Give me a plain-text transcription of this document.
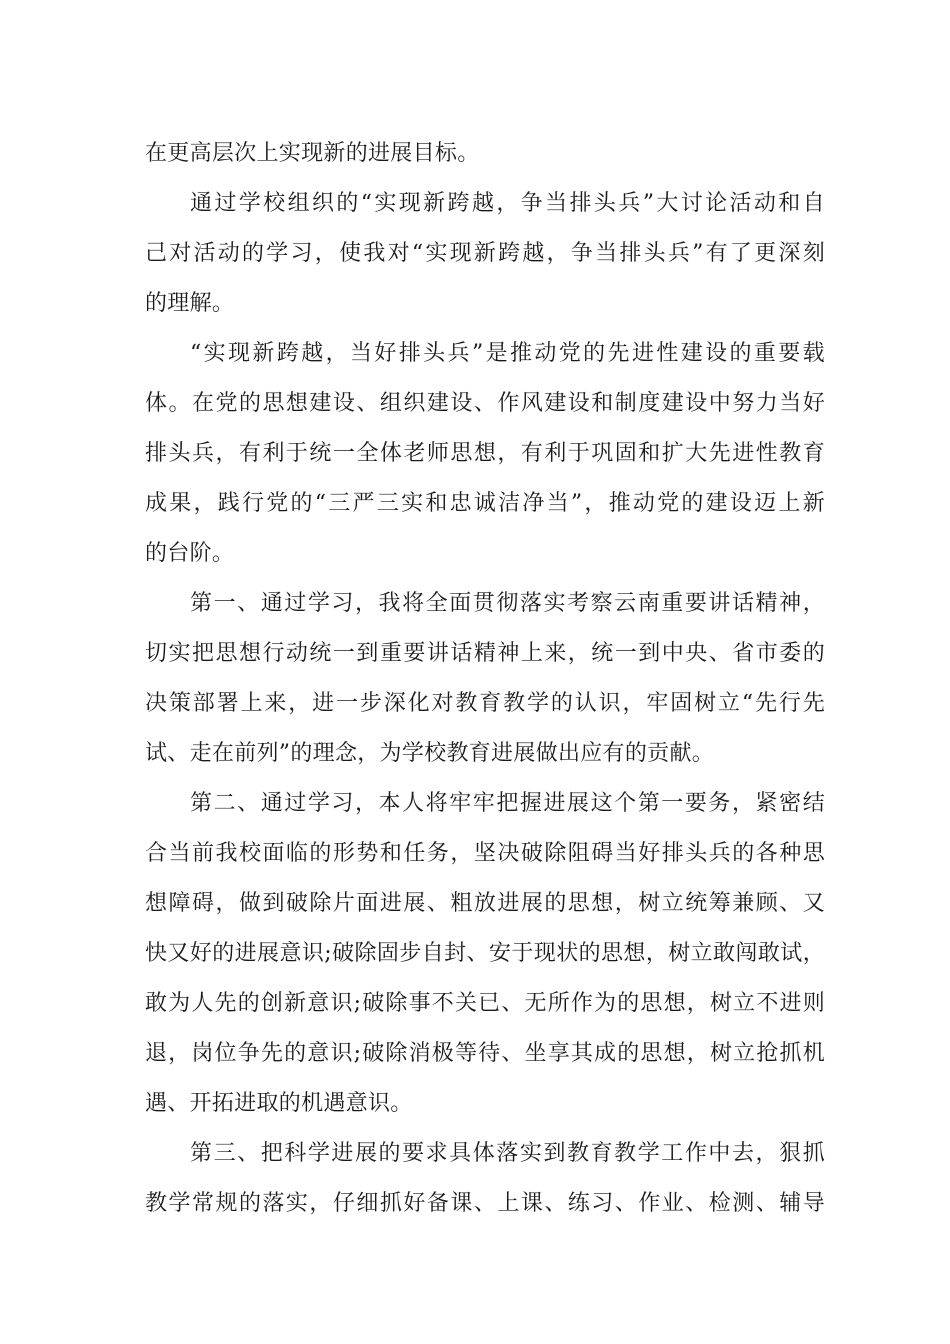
在更高层次上实现新的进展目标。
通过学校组织的“实现新跨越，争当排头兵”大讨论活动和自
己对活动的学习，使我对“实现新跨越，争当排头兵”有了更深刻
的理解。
“实现新跨越，当好排头兵”是推动党的先进性建设的重要载
体。在党的思想建设、组织建设、作风建设和制度建设中努力当好
排头兵，有利于统一全体老师思想，有利于巩固和扩大先进性教育
成果，践行党的“三严三实和忠诚洁净当”，推动党的建设迈上新
的台阶。
第一、通过学习，我将全面贯彻落实考察云南重要讲话精神，
切实把思想行动统一到重要讲话精神上来，统一到中央、省市委的
决策部署上来，进一步深化对教育教学的认识，牢固树立“先行先
试、走在前列”的理念，为学校教育进展做出应有的贡献。
第二、通过学习，本人将牢牢把握进展这个第一要务，紧密结
合当前我校面临的形势和任务，坚决破除阻碍当好排头兵的各种思
想障碍，做到破除片面进展、粗放进展的思想，树立统筹兼顾、又
快又好的进展意识;破除固步自封、安于现状的思想，树立敢闯敢试，
敢为人先的创新意识;破除事不关已、无所作为的思想，树立不进则
退，岗位争先的意识;破除消极等待、坐享其成的思想，树立抢抓机
遇、开拓进取的机遇意识。
第三、把科学进展的要求具体落实到教育教学工作中去，狠抓
教学常规的落实，仔细抓好备课、上课、练习、作业、检测、辅导
